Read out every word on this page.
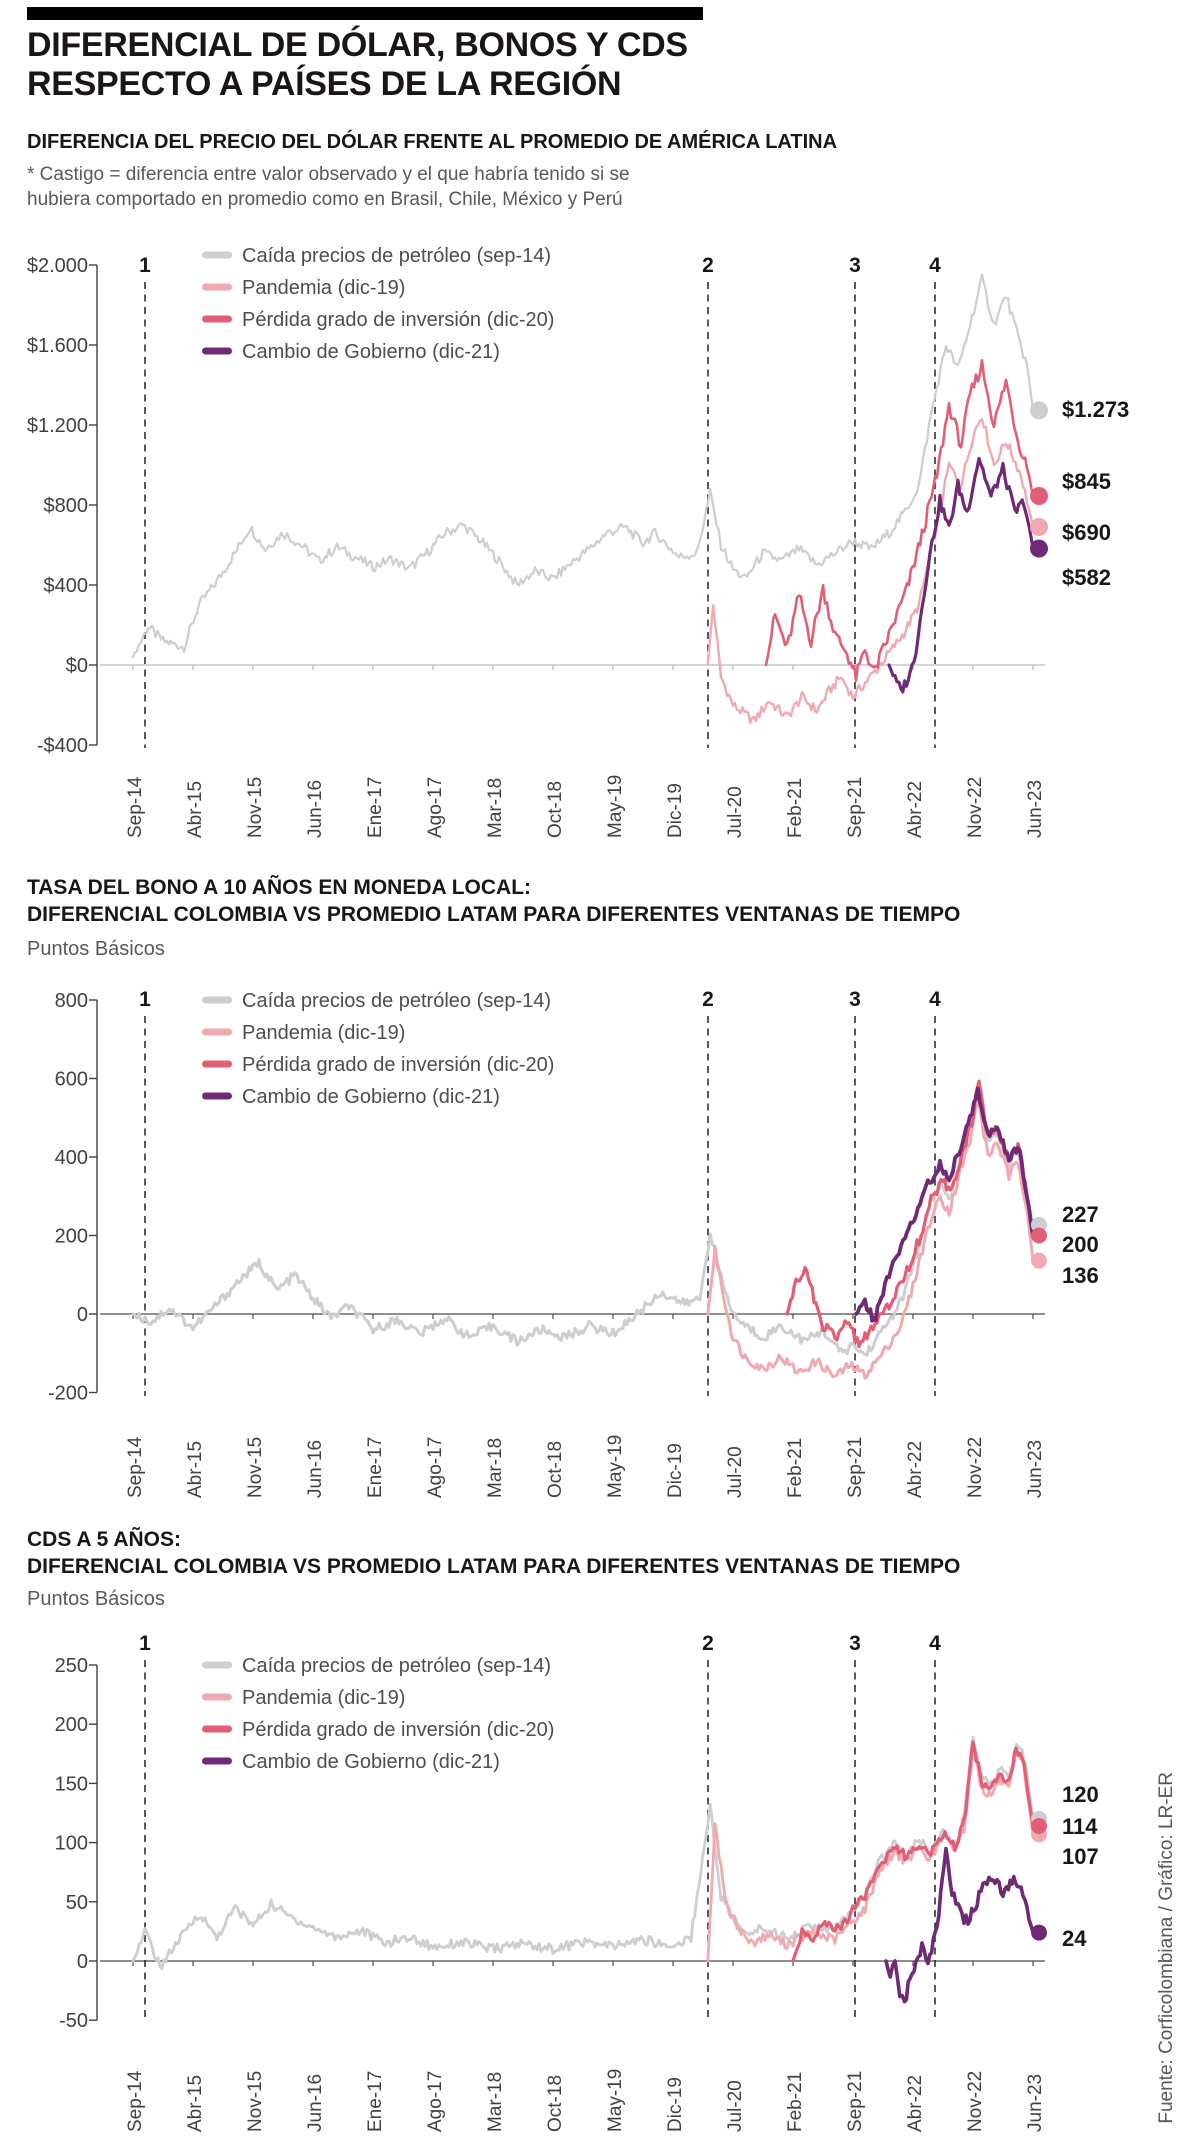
$2.000
$1.600
$1.200
$800
$400
$0
-$400
Sep-14 Abr-15 Nov-15 Jun-16 Ene-17 Ago-17 Mar-18 Oct-18 May-19 Dic-19 Jul-20 Feb-21 Sep-21 Abr-22 Nov-22 Jun-23
1	2	3	4
Caída precios de petróleo (sep-14)
Pandemia (dic-19)
Pérdida grado de inversión (dic-20)
Cambio de Gobierno (dic-21)
$1.273
$690
$845
$582
800
600
400
200
0
-200
Sep-14 Abr-15 Nov-15 Jun-16 Ene-17 Ago-17 Mar-18 Oct-18 May-19 Dic-19 Jul-20 Feb-21 Sep-21 Abr-22 Nov-22 Jun-23
1	2	3	4
Caída precios de petróleo (sep-14)
Pandemia (dic-19)
Pérdida grado de inversión (dic-20)
Cambio de Gobierno (dic-21)
227
136
200
250
200
150
100
50
0
-50
Sep-14 Abr-15 Nov-15 Jun-16 Ene-17 Ago-17 Mar-18 Oct-18 May-19 Dic-19 Jul-20 Feb-21 Sep-21 Abr-22 Nov-22 Jun-23
1	2	3	4
Caída precios de petróleo (sep-14)
Pandemia (dic-19)
Pérdida grado de inversión (dic-20)
Cambio de Gobierno (dic-21)
120
107
114
24
DIFERENCIAL DE DÓLAR, BONOS Y CDS
RESPECTO A PAÍSES DE LA REGIÓN
DIFERENCIA DEL PRECIO DEL DÓLAR FRENTE AL PROMEDIO DE AMÉRICA LATINA
* Castigo = diferencia entre valor observado y el que habría tenido si se
hubiera comportado en promedio como en Brasil, Chile, México y Perú
TASA DEL BONO A 10 AÑOS EN MONEDA LOCAL:
DIFERENCIAL COLOMBIA VS PROMEDIO LATAM PARA DIFERENTES VENTANAS DE TIEMPO
Puntos Básicos
CDS A 5 AÑOS:
DIFERENCIAL COLOMBIA VS PROMEDIO LATAM PARA DIFERENTES VENTANAS DE TIEMPO
Puntos Básicos
Fuente: Corficolombiana / Gráfico: LR-ER
